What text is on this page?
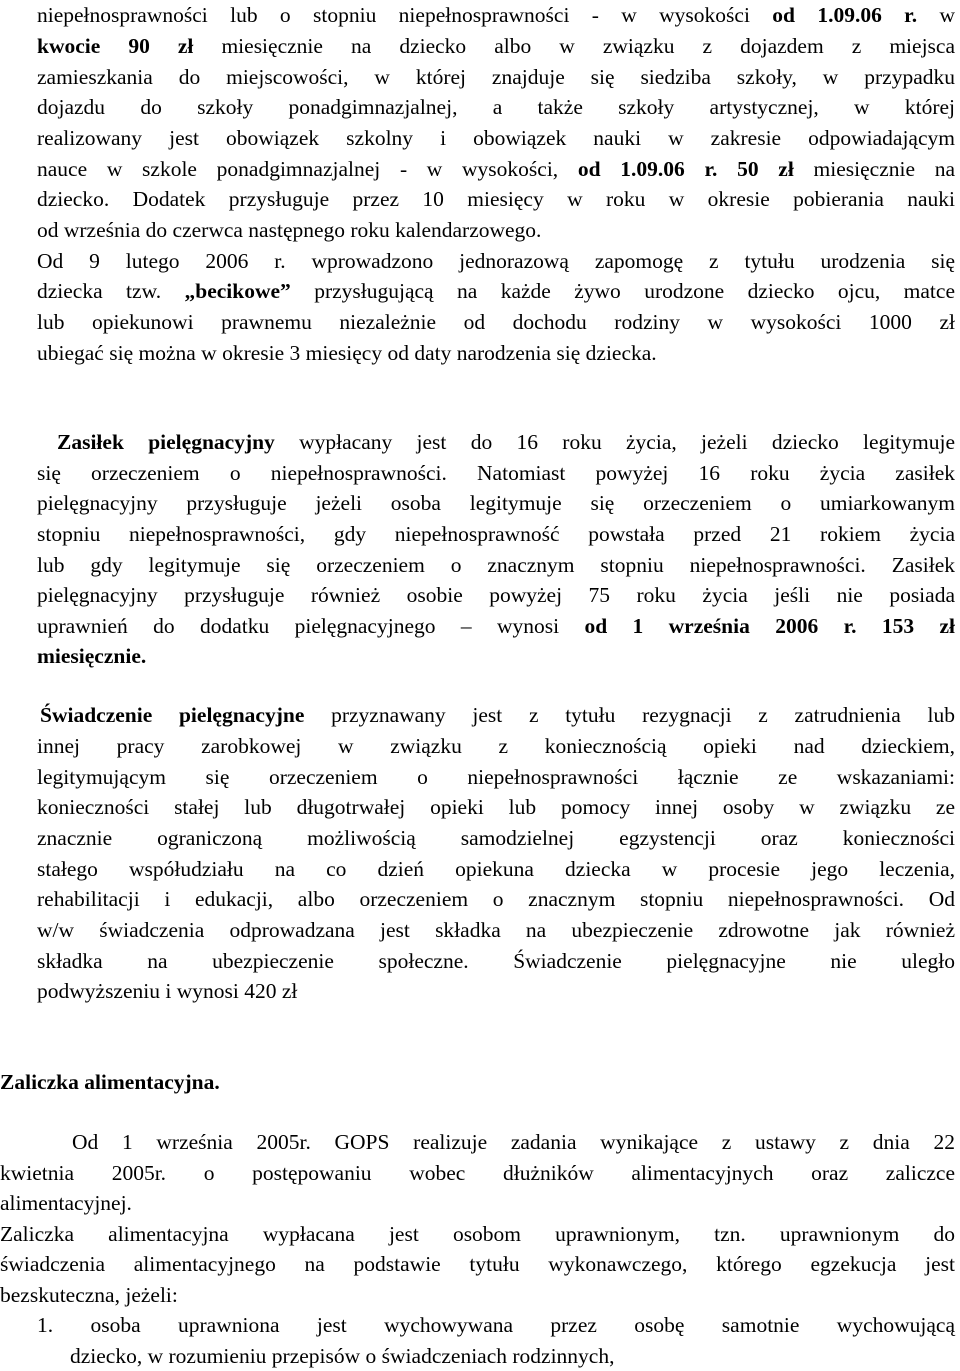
niepełnosprawności lub o stopniu niepełnosprawności - w wysokości od 1.09.06 r. w

kwocie 90 zł miesięcznie na dziecko albo w związku z dojazdem z miejsca

zamieszkania do miejscowości, w której znajduje się siedziba szkoły, w przypadku

dojazdu do szkoły ponadgimnazjalnej, a także szkoły artystycznej, w której

realizowany jest obowiązek szkolny i obowiązek nauki w zakresie odpowiadającym

nauce w szkole ponadgimnazjalnej - w wysokości, od 1.09.06 r. 50 zł miesięcznie na

dziecko. Dodatek przysługuje przez 10 miesięcy w roku w okresie pobierania nauki

od września do czerwca następnego roku kalendarzowego.

Od 9 lutego 2006 r. wprowadzono jednorazową zapomogę z tytułu urodzenia się

dziecka tzw. „becikowe” przysługującą na każde żywo urodzone dziecko ojcu, matce

lub opiekunowi prawnemu niezależnie od dochodu rodziny w wysokości 1000 zł

ubiegać się można w okresie 3 miesięcy od daty narodzenia się dziecka.

Zasiłek pielęgnacyjny wypłacany jest do 16 roku życia, jeżeli dziecko legitymuje

się orzeczeniem o niepełnosprawności. Natomiast powyżej 16 roku życia zasiłek

pielęgnacyjny przysługuje jeżeli osoba legitymuje się orzeczeniem o umiarkowanym

stopniu niepełnosprawności, gdy niepełnosprawność powstała przed 21 rokiem życia

lub gdy legitymuje się orzeczeniem o znacznym stopniu niepełnosprawności. Zasiłek

pielęgnacyjny przysługuje również osobie powyżej 75 roku życia jeśli nie posiada

uprawnień do dodatku pielęgnacyjnego – wynosi od 1 września 2006 r. 153 zł

miesięcznie.

Świadczenie pielęgnacyjne przyznawany jest z tytułu rezygnacji z zatrudnienia lub

innej pracy zarobkowej w związku z koniecznością opieki nad dzieckiem,

legitymującym się orzeczeniem o niepełnosprawności łącznie ze wskazaniami:

konieczności stałej lub długotrwałej opieki lub pomocy innej osoby w związku ze

znacznie ograniczoną możliwością samodzielnej egzystencji oraz konieczności

stałego współudziału na co dzień opiekuna dziecka w procesie jego leczenia,

rehabilitacji i edukacji, albo orzeczeniem o znacznym stopniu niepełnosprawności. Od

w/w świadczenia odprowadzana jest składka na ubezpieczenie zdrowotne jak również

składka na ubezpieczenie społeczne. Świadczenie pielęgnacyjne nie uległo

podwyższeniu i wynosi 420 zł

Zaliczka alimentacyjna.

Od 1 września 2005r. GOPS realizuje zadania wynikające z ustawy z dnia 22

kwietnia 2005r. o postępowaniu wobec dłużników alimentacyjnych oraz zaliczce

alimentacyjnej.

Zaliczka alimentacyjna wypłacana jest osobom uprawnionym, tzn. uprawnionym do

świadczenia alimentacyjnego na podstawie tytułu wykonawczego, którego egzekucja jest

bezskuteczna, jeżeli:

1. osoba uprawniona jest wychowywana przez osobę samotnie wychowującą

dziecko, w rozumieniu przepisów o świadczeniach rodzinnych,
